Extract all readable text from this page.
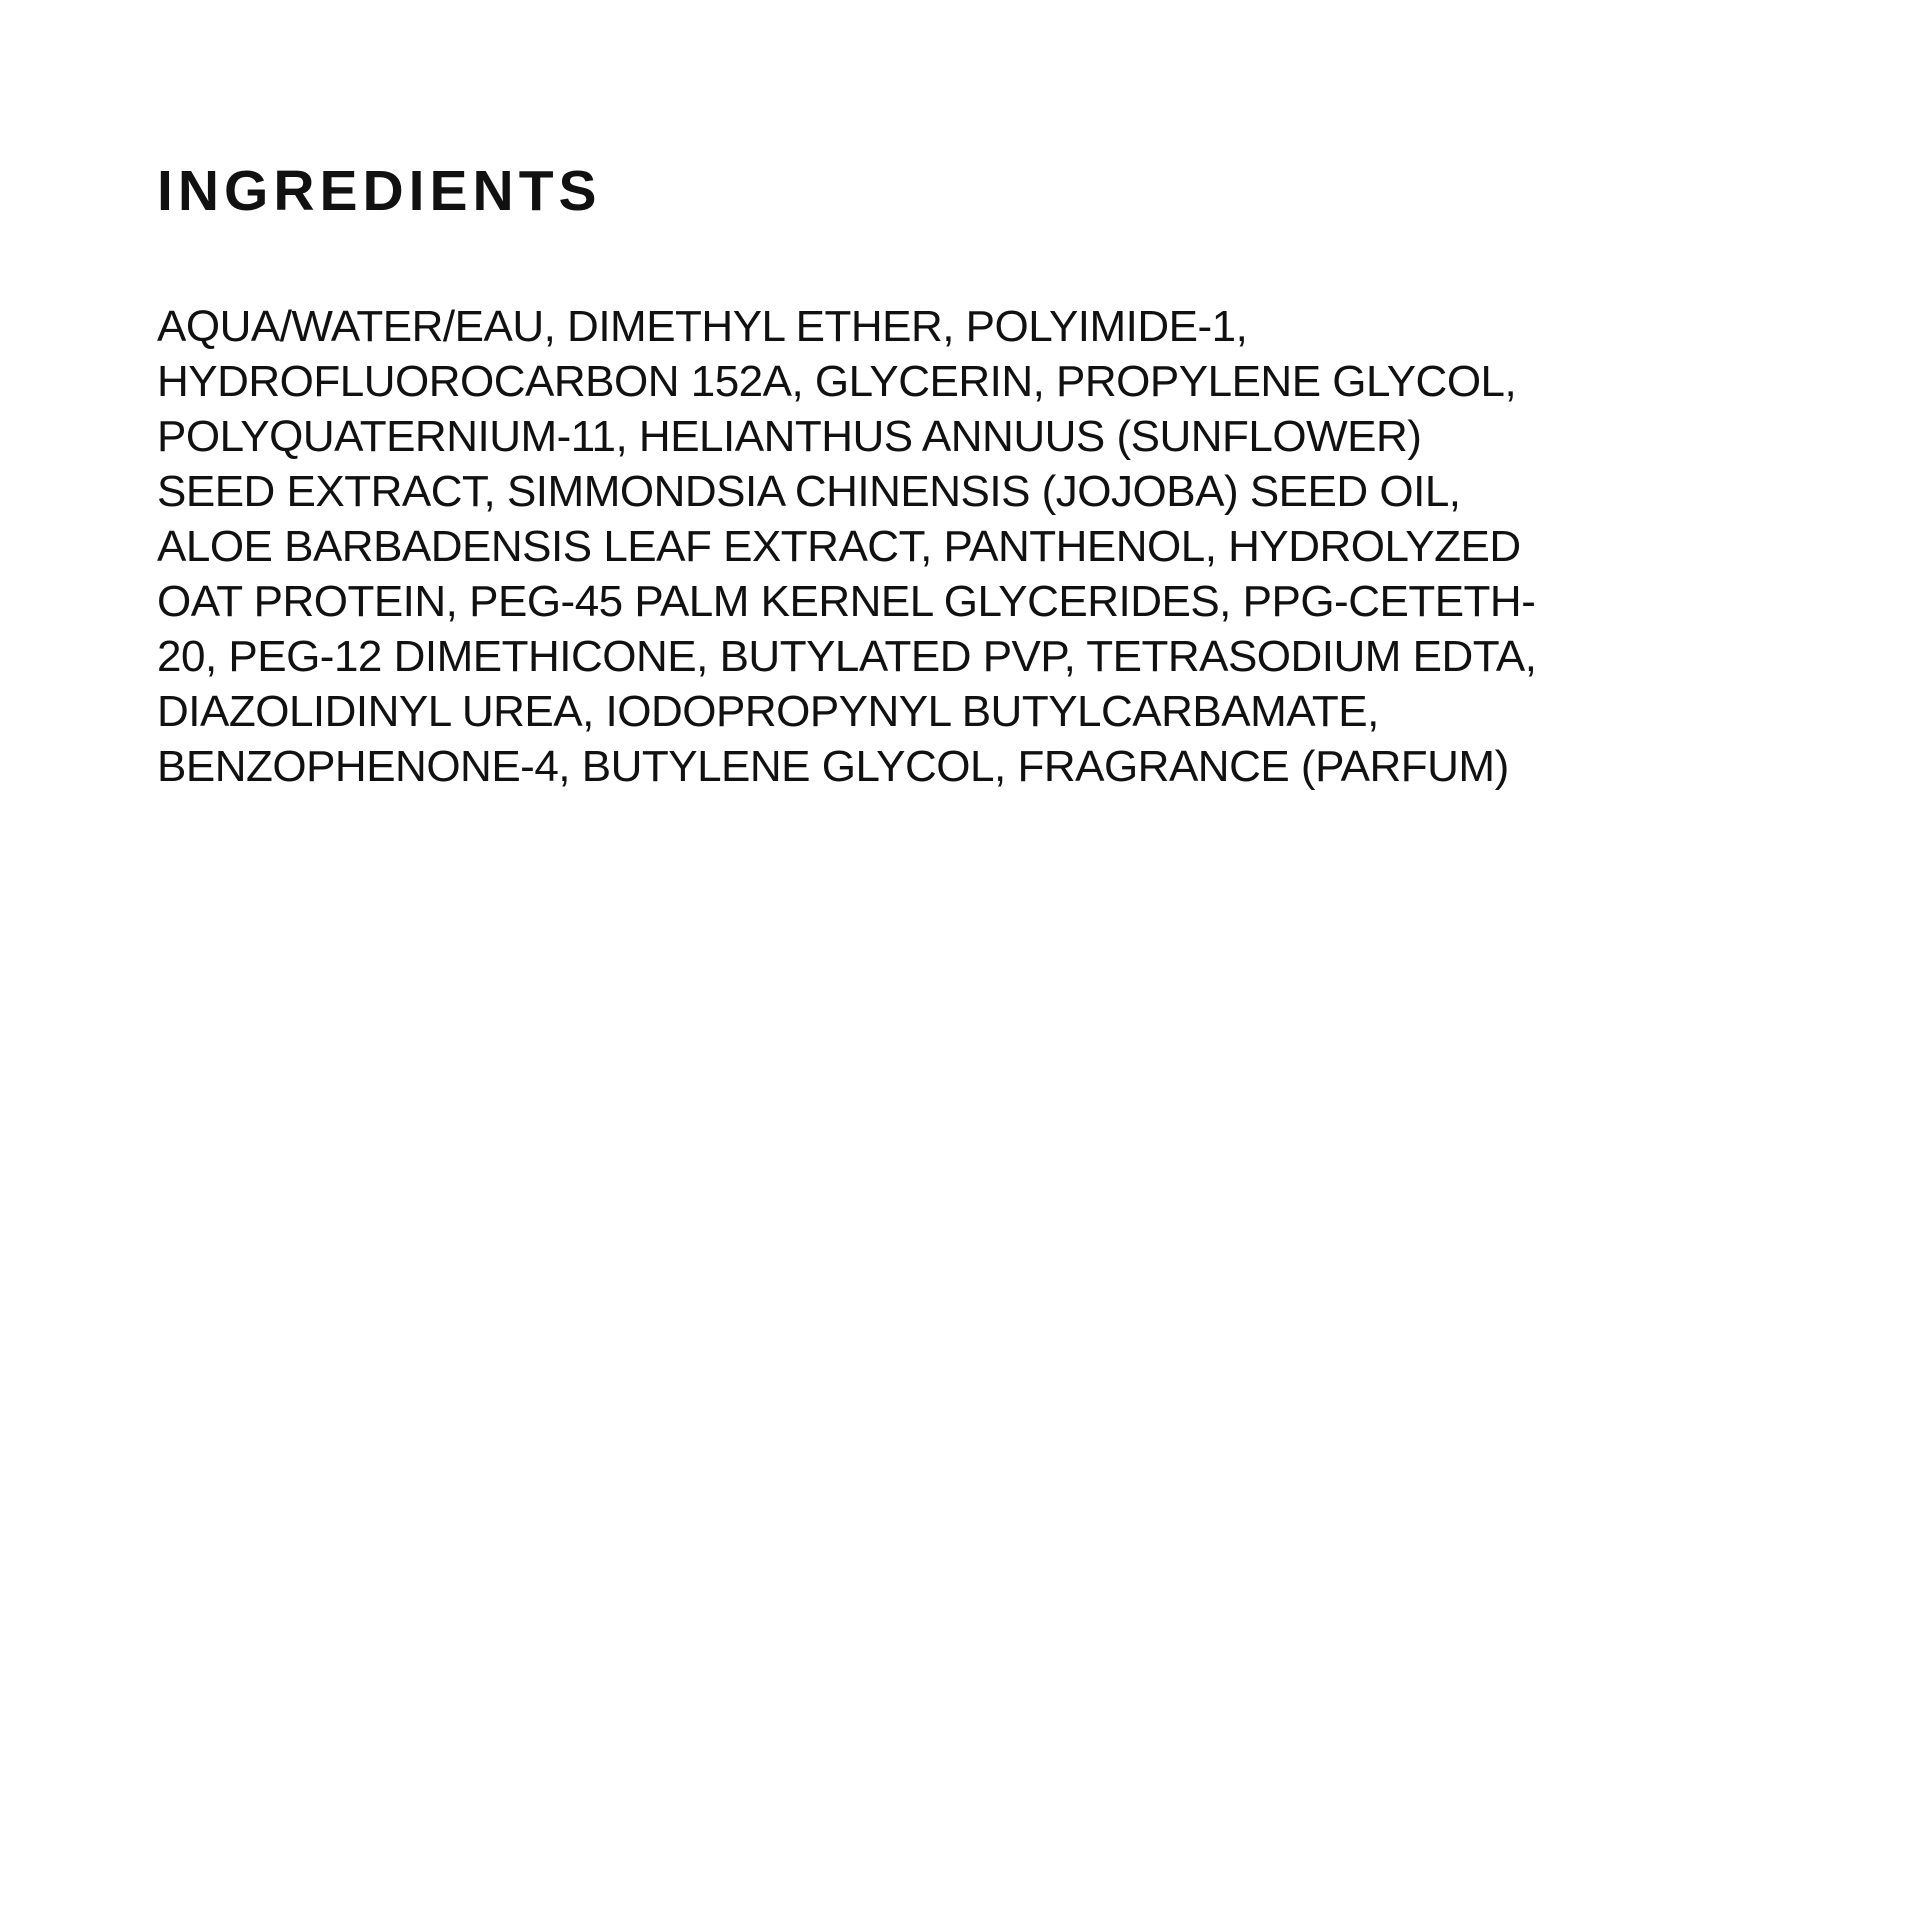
INGREDIENTS
AQUA/WATER/EAU, DIMETHYL ETHER, POLYIMIDE-1,
HYDROFLUOROCARBON 152A, GLYCERIN, PROPYLENE GLYCOL,
POLYQUATERNIUM-11, HELIANTHUS ANNUUS (SUNFLOWER)
SEED EXTRACT, SIMMONDSIA CHINENSIS (JOJOBA) SEED OIL,
ALOE BARBADENSIS LEAF EXTRACT, PANTHENOL, HYDROLYZED
OAT PROTEIN, PEG-45 PALM KERNEL GLYCERIDES, PPG-CETETH-
20, PEG-12 DIMETHICONE, BUTYLATED PVP, TETRASODIUM EDTA,
DIAZOLIDINYL UREA, IODOPROPYNYL BUTYLCARBAMATE,
BENZOPHENONE-4, BUTYLENE GLYCOL, FRAGRANCE (PARFUM)
